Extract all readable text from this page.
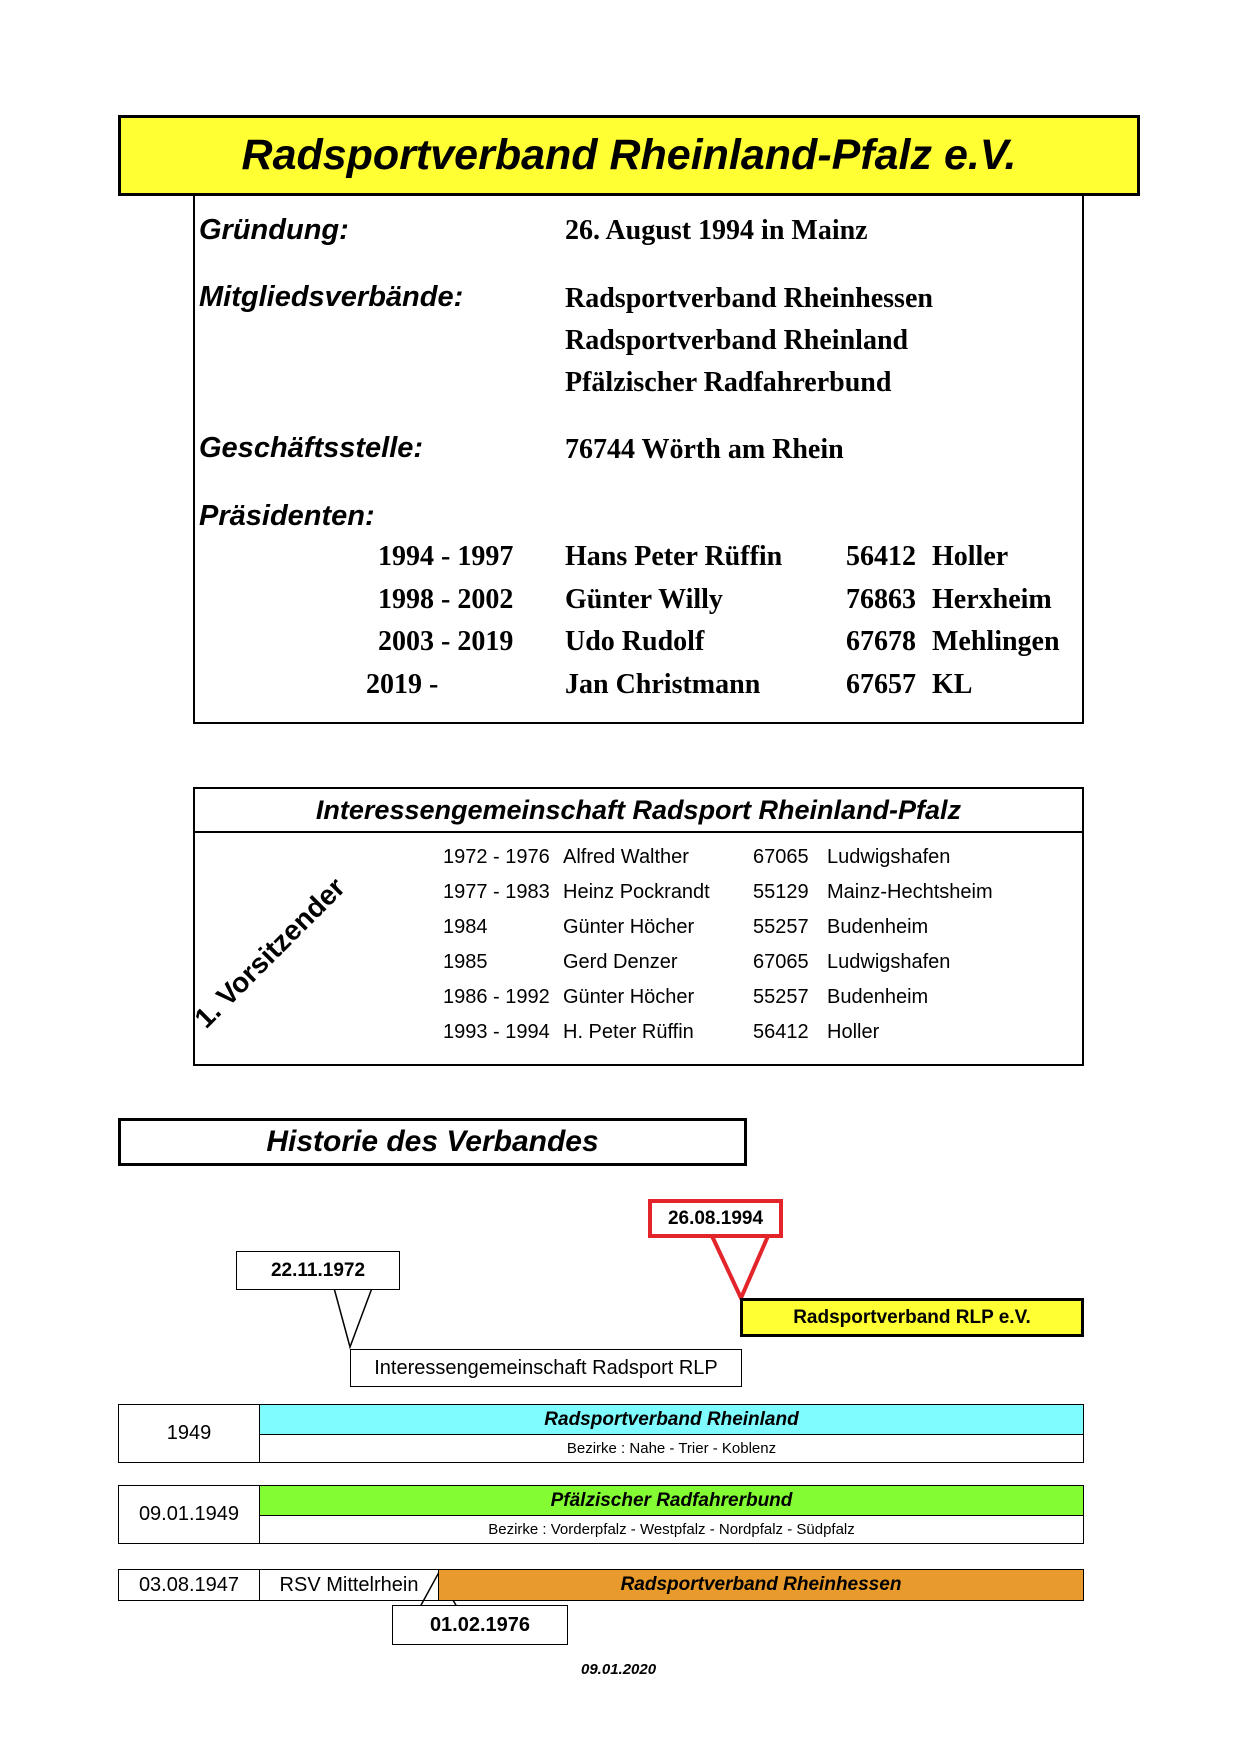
Radsportverband Rheinland-Pfalz e.V.
Gründung:	26. August 1994 in Mainz
Mitgliedsverbände:	Radsportverband Rheinhessen
Radsportverband Rheinland
Pfälzischer Radfahrerbund
Geschäftsstelle:	76744 Wörth am Rhein
Präsidenten:
1994 - 1997 Hans Peter Rüffin 56412 Holler
1998 - 2002 Günter Willy	76863 Herxheim
2003 - 2019 Udo Rudolf	67678 Mehlingen
2019 -	Jan Christmann	67657 KL
Interessengemeinschaft Radsport Rheinland-Pfalz
1. Vorsitzender
1972 - 1976 Alfred Walther	67065 Ludwigshafen
1977 - 1983 Heinz Pockrandt 55129 Mainz-Hechtsheim
1984	Günter Höcher	55257 Budenheim
1985	Gerd Denzer	67065 Ludwigshafen
1986 - 1992 Günter Höcher	55257 Budenheim
1993 - 1994 H. Peter Rüffin	56412 Holler
Historie des Verbandes
26.08.1994
Radsportverband RLP e.V.
22.11.1972
Interessengemeinschaft Radsport RLP
1949
Radsportverband Rheinland
Bezirke : Nahe - Trier - Koblenz
09.01.1949
Pfälzischer Radfahrerbund
Bezirke : Vorderpfalz - Westpfalz - Nordpfalz - Südpfalz
03.08.1947	RSV Mittelrhein	Radsportverband Rheinhessen
01.02.1976
09.01.2020
